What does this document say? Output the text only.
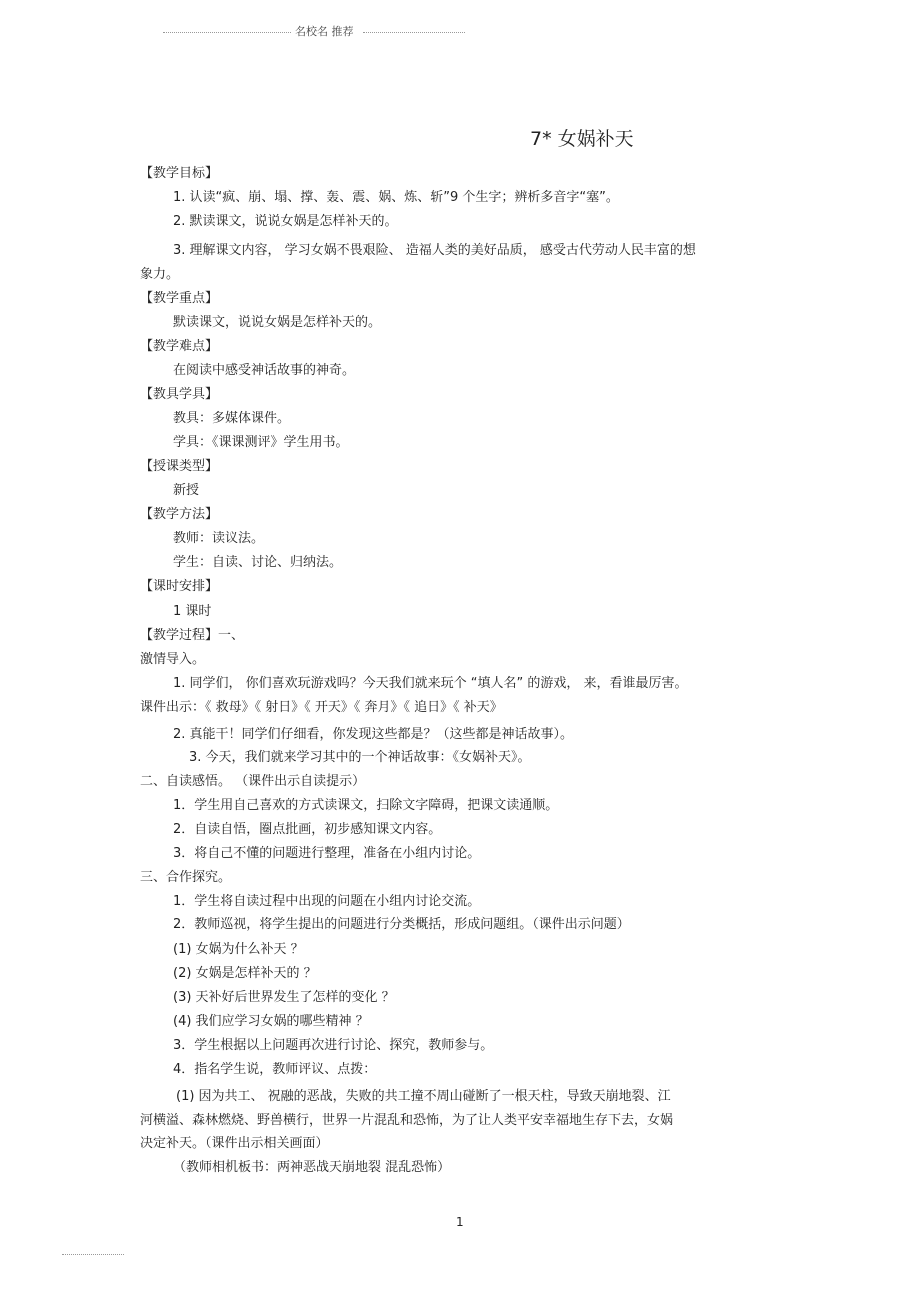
名校名 推荐
7* 女娲补天
【教学目标】
1. 认读“疯、崩、塌、撑、轰、震、娲、炼、斩”9 个生字；辨析多音字“塞”。
2. 默读课文，说说女娲是怎样补天的。
3. 理解课文内容， 学习女娲不畏艰险、 造福人类的美好品质， 感受古代劳动人民丰富的想
象力。
【教学重点】
默读课文，说说女娲是怎样补天的。
【教学难点】
在阅读中感受神话故事的神奇。
【教具学具】
教具：多媒体课件。
学具：《课课测评》学生用书。
【授课类型】
新授
【教学方法】
教师：读议法。
学生：自读、讨论、归纳法。
【课时安排】
1 课时
【教学过程】一、
激情导入。
1. 同学们， 你们喜欢玩游戏吗？今天我们就来玩个 “填人名” 的游戏， 来，看谁最厉害。
课件出示：《 救母》《 射日》《 开天》《 奔月》《 追日》《 补天》
2. 真能干！同学们仔细看，你发现这些都是？（这些都是神话故事）。
3. 今天，我们就来学习其中的一个神话故事：《女娲补天》。
二、自读感悟。 （课件出示自读提示）
1．学生用自己喜欢的方式读课文，扫除文字障碍，把课文读通顺。
2．自读自悟，圈点批画，初步感知课文内容。
3．将自己不懂的问题进行整理，准备在小组内讨论。
三、合作探究。
1．学生将自读过程中出现的问题在小组内讨论交流。
2．教师巡视，将学生提出的问题进行分类概括，形成问题组。（课件出示问题）
(1) 女娲为什么补天 ？
(2) 女娲是怎样补天的 ？
(3) 天补好后世界发生了怎样的变化 ？
(4) 我们应学习女娲的哪些精神 ？
3．学生根据以上问题再次进行讨论、探究，教师参与。
4．指名学生说，教师评议、点拨：
(1) 因为共工、 祝融的恶战，失败的共工撞不周山碰断了一根天柱，导致天崩地裂、江
河横溢、森林燃烧、野兽横行，世界一片混乱和恐怖，为了让人类平安幸福地生存下去，女娲
决定补天。（课件出示相关画面）
（教师相机板书：两神恶战天崩地裂 混乱恐怖）
1
